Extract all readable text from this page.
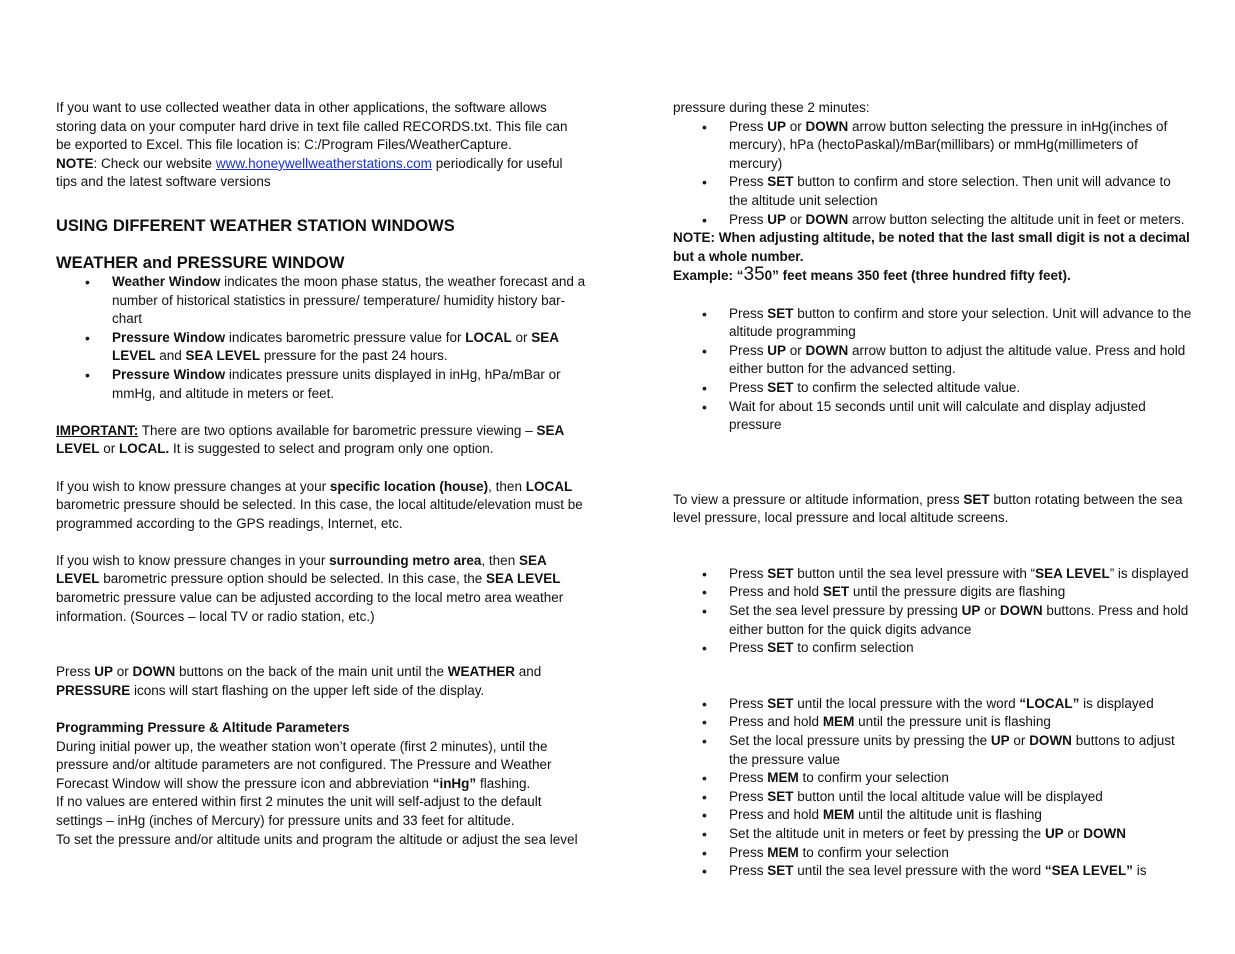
If you want to use collected weather data in other applications, the software allows storing data on your computer hard drive in text file called RECORDS.txt. This file can be exported to Excel. This file location is: C:/Program Files/WeatherCapture.

NOTE: Check our website www.honeywellweatherstations.com periodically for useful tips and the latest software versions

USING DIFFERENT WEATHER STATION WINDOWS
WEATHER and PRESSURE WINDOW
• Weather Window indicates the moon phase status, the weather forecast and a number of historical statistics in pressure/ temperature/ humidity history bar-chart
• Pressure Window indicates barometric pressure value for LOCAL or SEA LEVEL and SEA LEVEL pressure for the past 24 hours.
• Pressure Window indicates pressure units displayed in inHg, hPa/mBar or mmHg, and altitude in meters or feet.

IMPORTANT: There are two options available for barometric pressure viewing – SEA LEVEL or LOCAL. It is suggested to select and program only one option.

If you wish to know pressure changes at your specific location (house), then LOCAL barometric pressure should be selected. In this case, the local altitude/elevation must be programmed according to the GPS readings, Internet, etc.

If you wish to know pressure changes in your surrounding metro area, then SEA LEVEL barometric pressure option should be selected. In this case, the SEA LEVEL barometric pressure value can be adjusted according to the local metro area weather information. (Sources – local TV or radio station, etc.)

Press UP or DOWN buttons on the back of the main unit until the WEATHER and PRESSURE icons will start flashing on the upper left side of the display.

Programming Pressure & Altitude Parameters

During initial power up, the weather station won’t operate (first 2 minutes), until the pressure and/or altitude parameters are not configured. The Pressure and Weather Forecast Window will show the pressure icon and abbreviation “inHg” flashing.

If no values are entered within first 2 minutes the unit will self-adjust to the default settings – inHg (inches of Mercury) for pressure units and 33 feet for altitude.

To set the pressure and/or altitude units and program the altitude or adjust the sea level

pressure during these 2 minutes:

• Press UP or DOWN arrow button selecting the pressure in inHg(inches of mercury), hPa (hectoPaskal)/mBar(millibars) or mmHg(millimeters of mercury)
• Press SET button to confirm and store selection. Then unit will advance to the altitude unit selection
• Press UP or DOWN arrow button selecting the altitude unit in feet or meters.

NOTE: When adjusting altitude, be noted that the last small digit is not a decimal but a whole number.

Example: “350” feet means 350 feet (three hundred fifty feet).

• Press SET button to confirm and store your selection. Unit will advance to the altitude programming
• Press UP or DOWN arrow button to adjust the altitude value. Press and hold either button for the advanced setting.
• Press SET to confirm the selected altitude value.
• Wait for about 15 seconds until unit will calculate and display adjusted pressure

To view a pressure or altitude information, press SET button rotating between the sea level pressure, local pressure and local altitude screens.

• Press SET button until the sea level pressure with “SEA LEVEL” is displayed
• Press and hold SET until the pressure digits are flashing
• Set the sea level pressure by pressing UP or DOWN buttons. Press and hold either button for the quick digits advance
• Press SET to confirm selection
• Press SET until the local pressure with the word “LOCAL” is displayed
• Press and hold MEM until the pressure unit is flashing
• Set the local pressure units by pressing the UP or DOWN buttons to adjust the pressure value
• Press MEM to confirm your selection
• Press SET button until the local altitude value will be displayed
• Press and hold MEM until the altitude unit is flashing
• Set the altitude unit in meters or feet by pressing the UP or DOWN
• Press MEM to confirm your selection
• Press SET until the sea level pressure with the word “SEA LEVEL” is
